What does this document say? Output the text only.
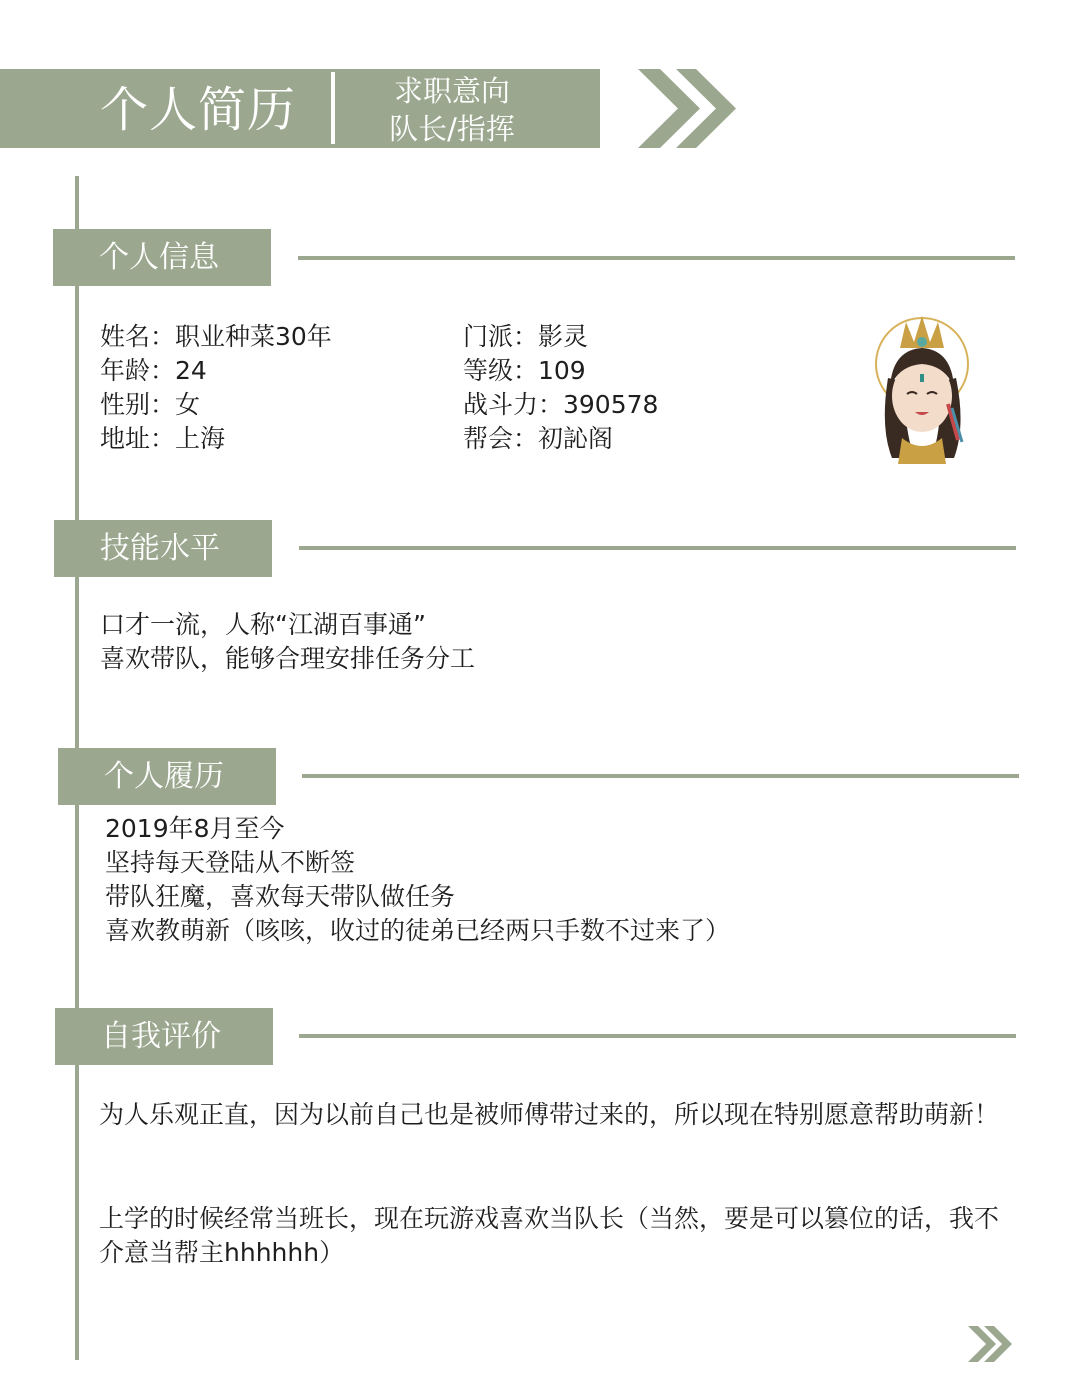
个人简历	求职意向
队长/指挥
个人信息
姓名：职业种菜30年
年龄：24
性别：女
地址：上海
门派：影灵
等级：109
战斗力：390578
帮会：初訫阁
技能水平
口才一流，人称“江湖百事通”
喜欢带队，能够合理安排任务分工
个人履历
2019年8月至今
坚持每天登陆从不断签
带队狂魔，喜欢每天带队做任务
喜欢教萌新（咳咳，收过的徒弟已经两只手数不过来了）
自我评价
为人乐观正直，因为以前自己也是被师傅带过来的，所以现在特别愿意帮助萌新！
上学的时候经常当班长，现在玩游戏喜欢当队长（当然，要是可以篡位的话，我不介意当帮主hhhhhh）
